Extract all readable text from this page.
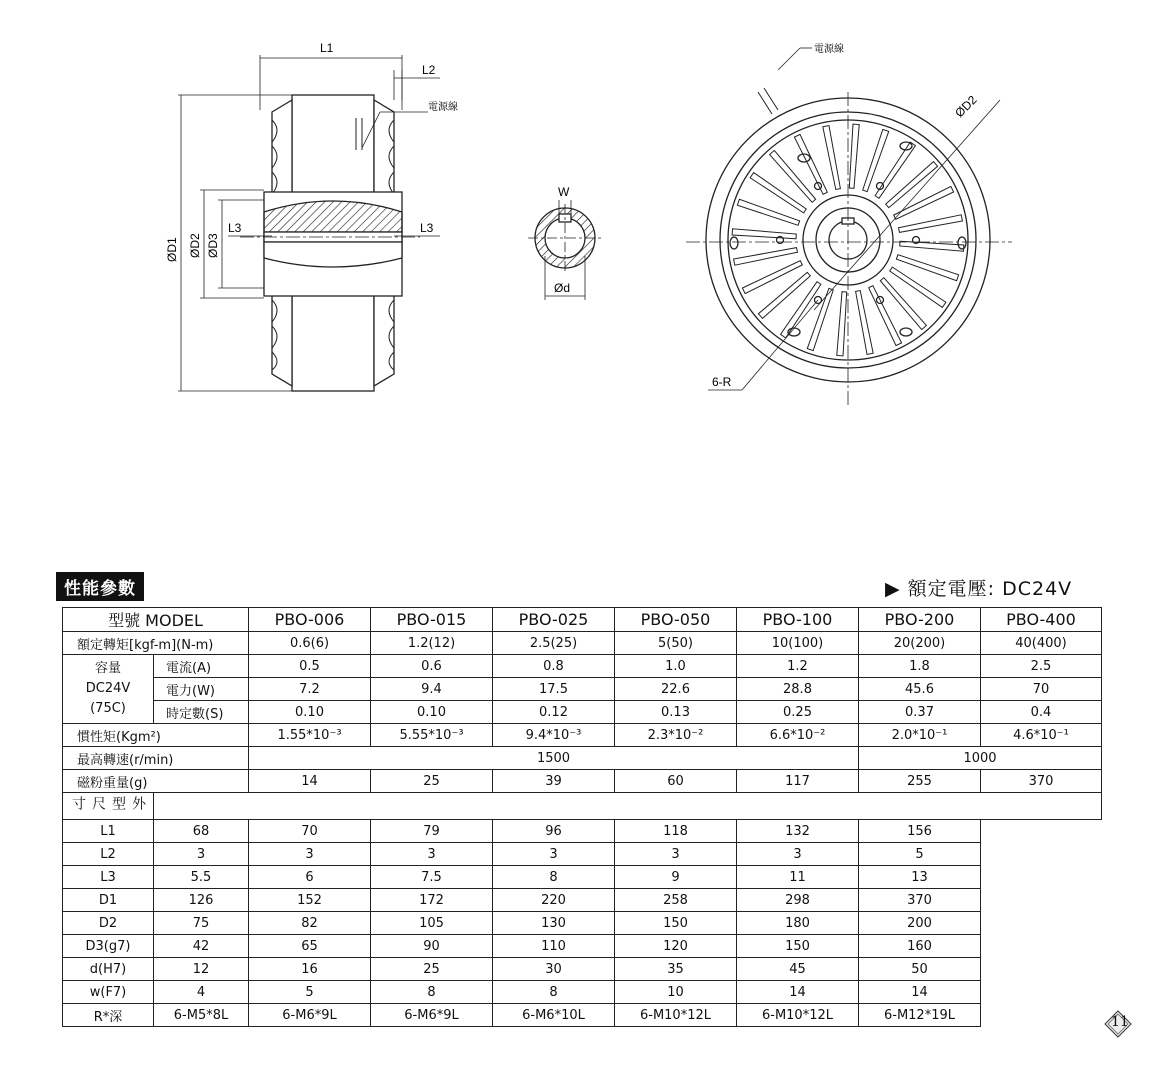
L1
L2
L3	L3
ØD1 ØD2 ØD3
電源線
W
Ød
電源線
ØD2
6-R
性能參數	▶ 額定電壓: DC24V
型號 MODEL		PBO-006	PBO-015	PBO-025	PBO-050	PBO-100	PBO-200	PBO-400
額定轉矩[kgf-m](N-m)		0.6(6)	1.2(12)	2.5(25)	5(50)	10(100)	20(200)	40(400)

容量
DC24V
(75C)	電流(A)	0.5	0.6	0.8	1.0	1.2	1.8	2.5
	電力(W)	7.2	9.4	17.5	22.6	28.8	45.6	70
	時定數(S)	0.10	0.10	0.12	0.13	0.25	0.37	0.4
慣性矩(Kgm²)		1.55*10⁻³	5.55*10⁻³	9.4*10⁻³	2.3*10⁻²	6.6*10⁻²	2.0*10⁻¹	4.6*10⁻¹
最高轉速(r/min)		1500					1000	
磁粉重量(g)		14	25	39	60	117	255	370
外型尺寸								
L1	68	70	79	96	118	132	156	
L2	3	3	3	3	3	3	5	
L3	5.5	6	7.5	8	9	11	13	
D1	126	152	172	220	258	298	370	
D2	75	82	105	130	150	180	200	
D3(g7)	42	65	90	110	120	150	160	
d(H7)	12	16	25	30	35	45	50	
w(F7)	4	5	8	8	10	14	14	
R*深	6-M5*8L	6-M6*9L	6-M6*9L	6-M6*10L	6-M10*12L	6-M10*12L	6-M12*19L		11
